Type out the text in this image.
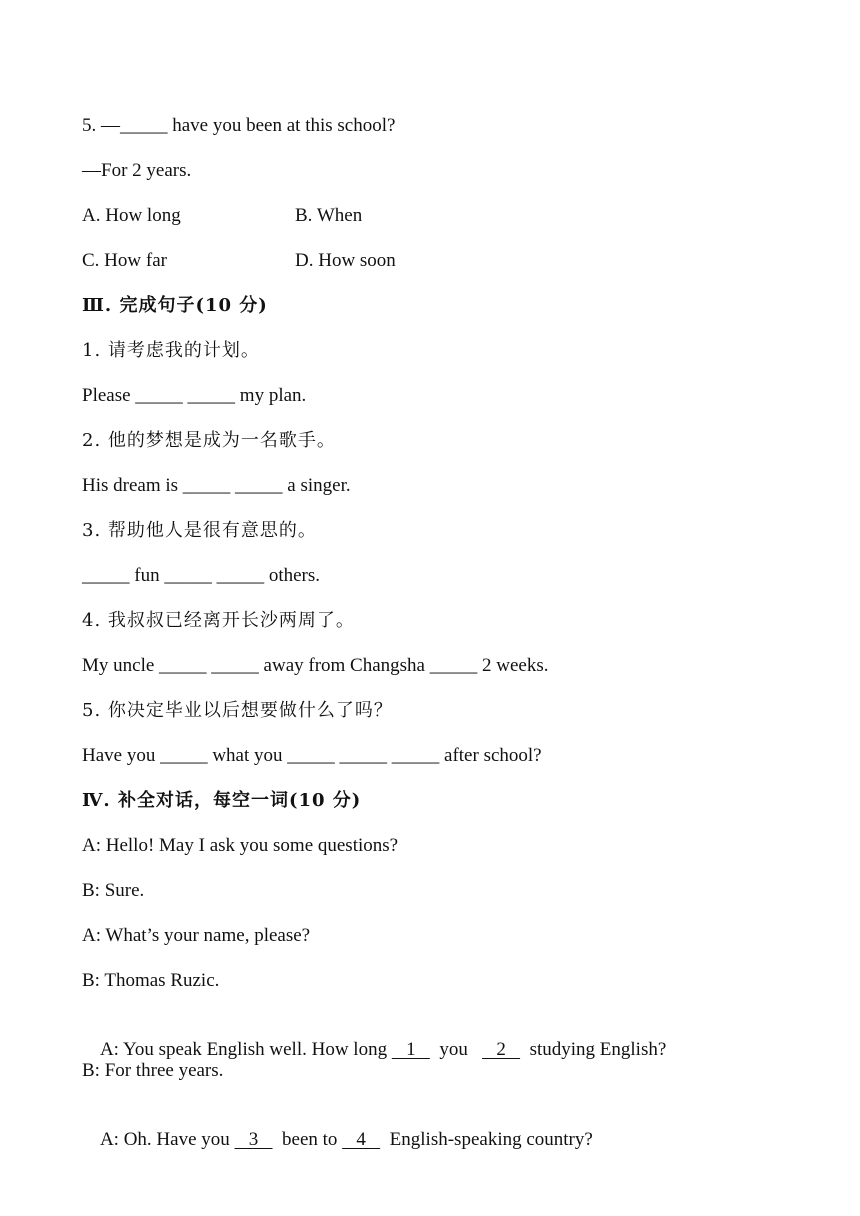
5. —_____ have you been at this school?
—For 2 years.
A. How long	B. When
C. How far	D. How soon
Ⅲ. 完成句子(10 分)
1. 请考虑我的计划。
Please _____ _____ my plan.
2. 他的梦想是成为一名歌手。
His dream is _____ _____ a singer.
3. 帮助他人是很有意思的。
_____ fun _____ _____ others.
4. 我叔叔已经离开长沙两周了。
My uncle _____ _____ away from Changsha _____ 2 weeks.
5. 你决定毕业以后想要做什么了吗？
Have you _____ what you _____ _____ _____ after school?
Ⅳ. 补全对话，每空一词(10 分)
A: Hello! May I ask you some questions?
B: Sure.
A: What’s your name, please?
B: Thomas Ruzic.

A: You speak English well. How long    1     you      2     studying English?

B: For three years.

A: Oh. Have you    3     been to    4     English-speaking country?
